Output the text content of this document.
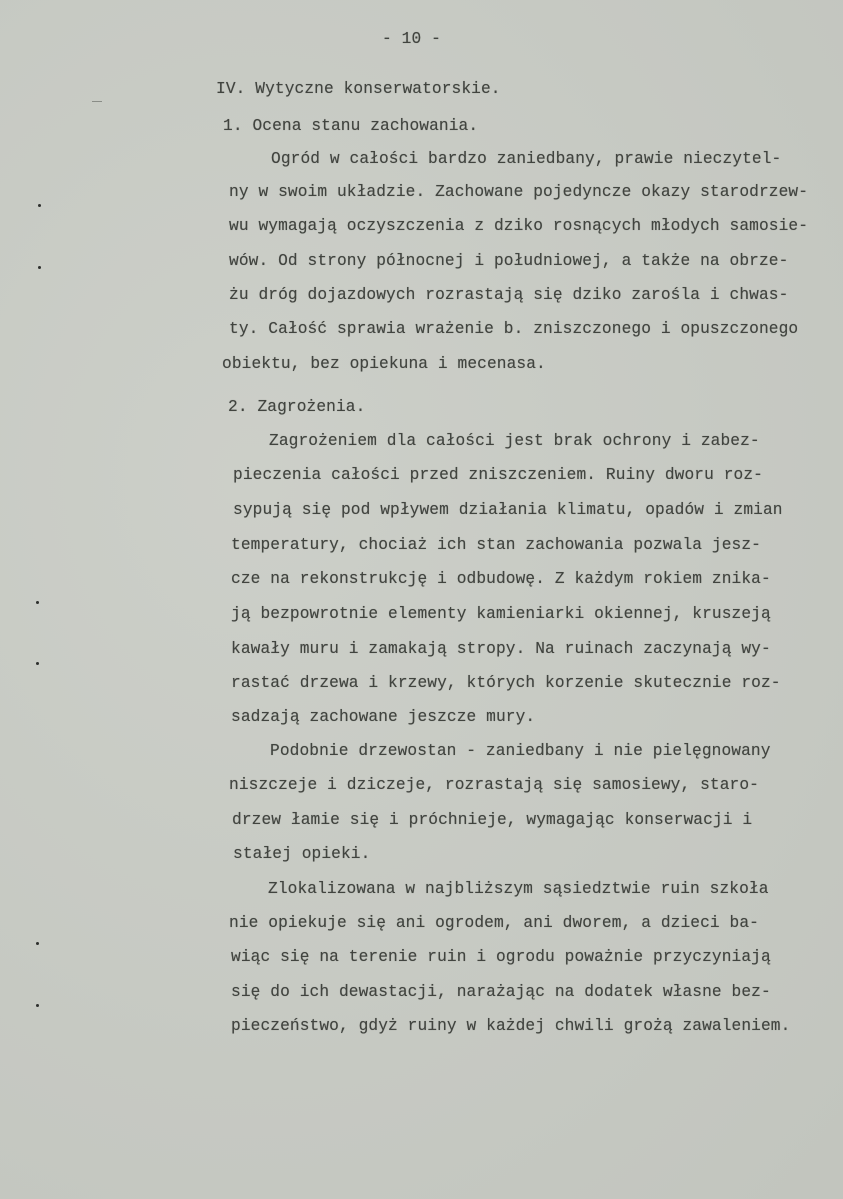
- 10 -
IV. Wytyczne konserwatorskie.
1. Ocena stanu zachowania.
Ogród w całości bardzo zaniedbany, prawie nieczytel-
ny w swoim układzie. Zachowane pojedyncze okazy starodrzew-
wu wymagają oczyszczenia z dziko rosnących młodych samosie-
wów. Od strony północnej i południowej, a także na obrze-
żu dróg dojazdowych rozrastają się dziko zarośla i chwas-
ty. Całość sprawia wrażenie b. zniszczonego i opuszczonego
obiektu, bez opiekuna i mecenasa.
2. Zagrożenia.
Zagrożeniem dla całości jest brak ochrony i zabez-
pieczenia całości przed zniszczeniem. Ruiny dworu roz-
sypują się pod wpływem działania klimatu, opadów i zmian
temperatury, chociaż ich stan zachowania pozwala jesz-
cze na rekonstrukcję i odbudowę. Z każdym rokiem znika-
ją bezpowrotnie elementy kamieniarki okiennej, kruszeją
kawały muru i zamakają stropy. Na ruinach zaczynają wy-
rastać drzewa i krzewy, których korzenie skutecznie roz-
sadzają zachowane jeszcze mury.
Podobnie drzewostan - zaniedbany i nie pielęgnowany
niszczeje i dziczeje, rozrastają się samosiewy, staro-
drzew łamie się i próchnieje, wymagając konserwacji i
stałej opieki.
Zlokalizowana w najbliższym sąsiedztwie ruin szkoła
nie opiekuje się ani ogrodem, ani dworem, a dzieci ba-
wiąc się na terenie ruin i ogrodu poważnie przyczyniają
się do ich dewastacji, narażając na dodatek własne bez-
pieczeństwo, gdyż ruiny w każdej chwili grożą zawaleniem.
